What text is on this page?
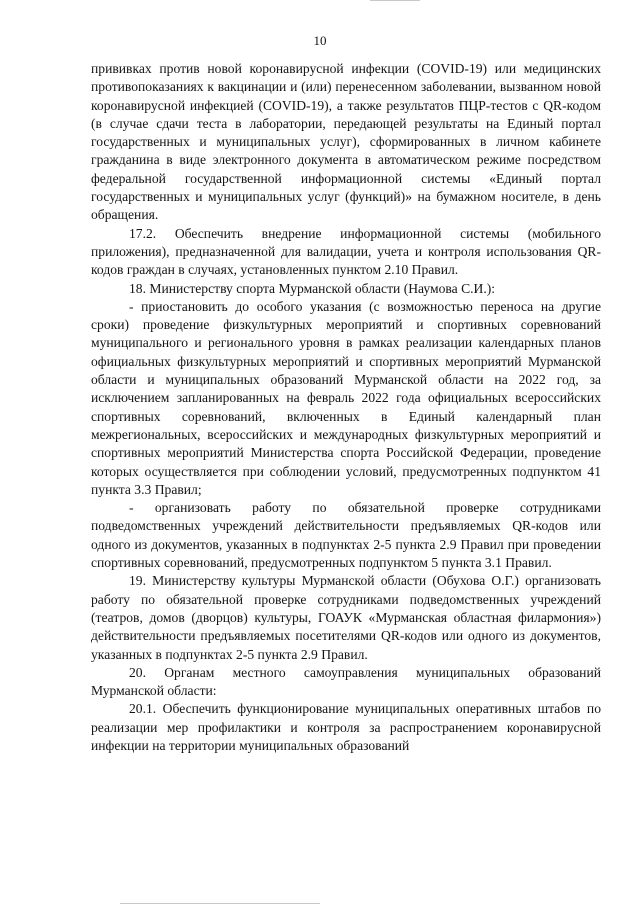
10

прививках против новой коронавирусной инфекции (COVID-19) или медицинских противопоказаниях к вакцинации и (или) перенесенном заболевании, вызванном новой коронавирусной инфекцией (COVID-19), а также результатов ПЦР-тестов с QR-кодом (в случае сдачи теста в лаборатории, передающей результаты на Единый портал государственных и муниципальных услуг), сформированных в личном кабинете гражданина в виде электронного документа в автоматическом режиме посредством федеральной государственной информационной системы «Единый портал государственных и муниципальных услуг (функций)» на бумажном носителе, в день обращения.

17.2. Обеспечить внедрение информационной системы (мобильного приложения), предназначенной для валидации, учета и контроля использования QR-кодов граждан в случаях, установленных пунктом 2.10 Правил.

18. Министерству спорта Мурманской области (Наумова С.И.):

- приостановить до особого указания (с возможностью переноса на другие сроки) проведение физкультурных мероприятий и спортивных соревнований муниципального и регионального уровня в рамках реализации календарных планов официальных физкультурных мероприятий и спортивных мероприятий Мурманской области и муниципальных образований Мурманской области на 2022 год, за исключением запланированных на февраль 2022 года официальных всероссийских спортивных соревнований, включенных в Единый календарный план межрегиональных, всероссийских и международных физкультурных мероприятий и спортивных мероприятий Министерства спорта Российской Федерации, проведение которых осуществляется при соблюдении условий, предусмотренных подпунктом 41 пункта 3.3 Правил;

- организовать работу по обязательной проверке сотрудниками подведомственных учреждений действительности предъявляемых QR-кодов или одного из документов, указанных в подпунктах 2-5 пункта 2.9 Правил при проведении спортивных соревнований, предусмотренных подпунктом 5 пункта 3.1 Правил.

19. Министерству культуры Мурманской области (Обухова О.Г.) организовать работу по обязательной проверке сотрудниками подведомственных учреждений (театров, домов (дворцов) культуры, ГОАУК «Мурманская областная филармония») действительности предъявляемых посетителями QR-кодов или одного из документов, указанных в подпунктах 2-5 пункта 2.9 Правил.

20. Органам местного самоуправления муниципальных образований Мурманской области:

20.1. Обеспечить функционирование муниципальных оперативных штабов по реализации мер профилактики и контроля за распространением коронавирусной инфекции на территории муниципальных образований
